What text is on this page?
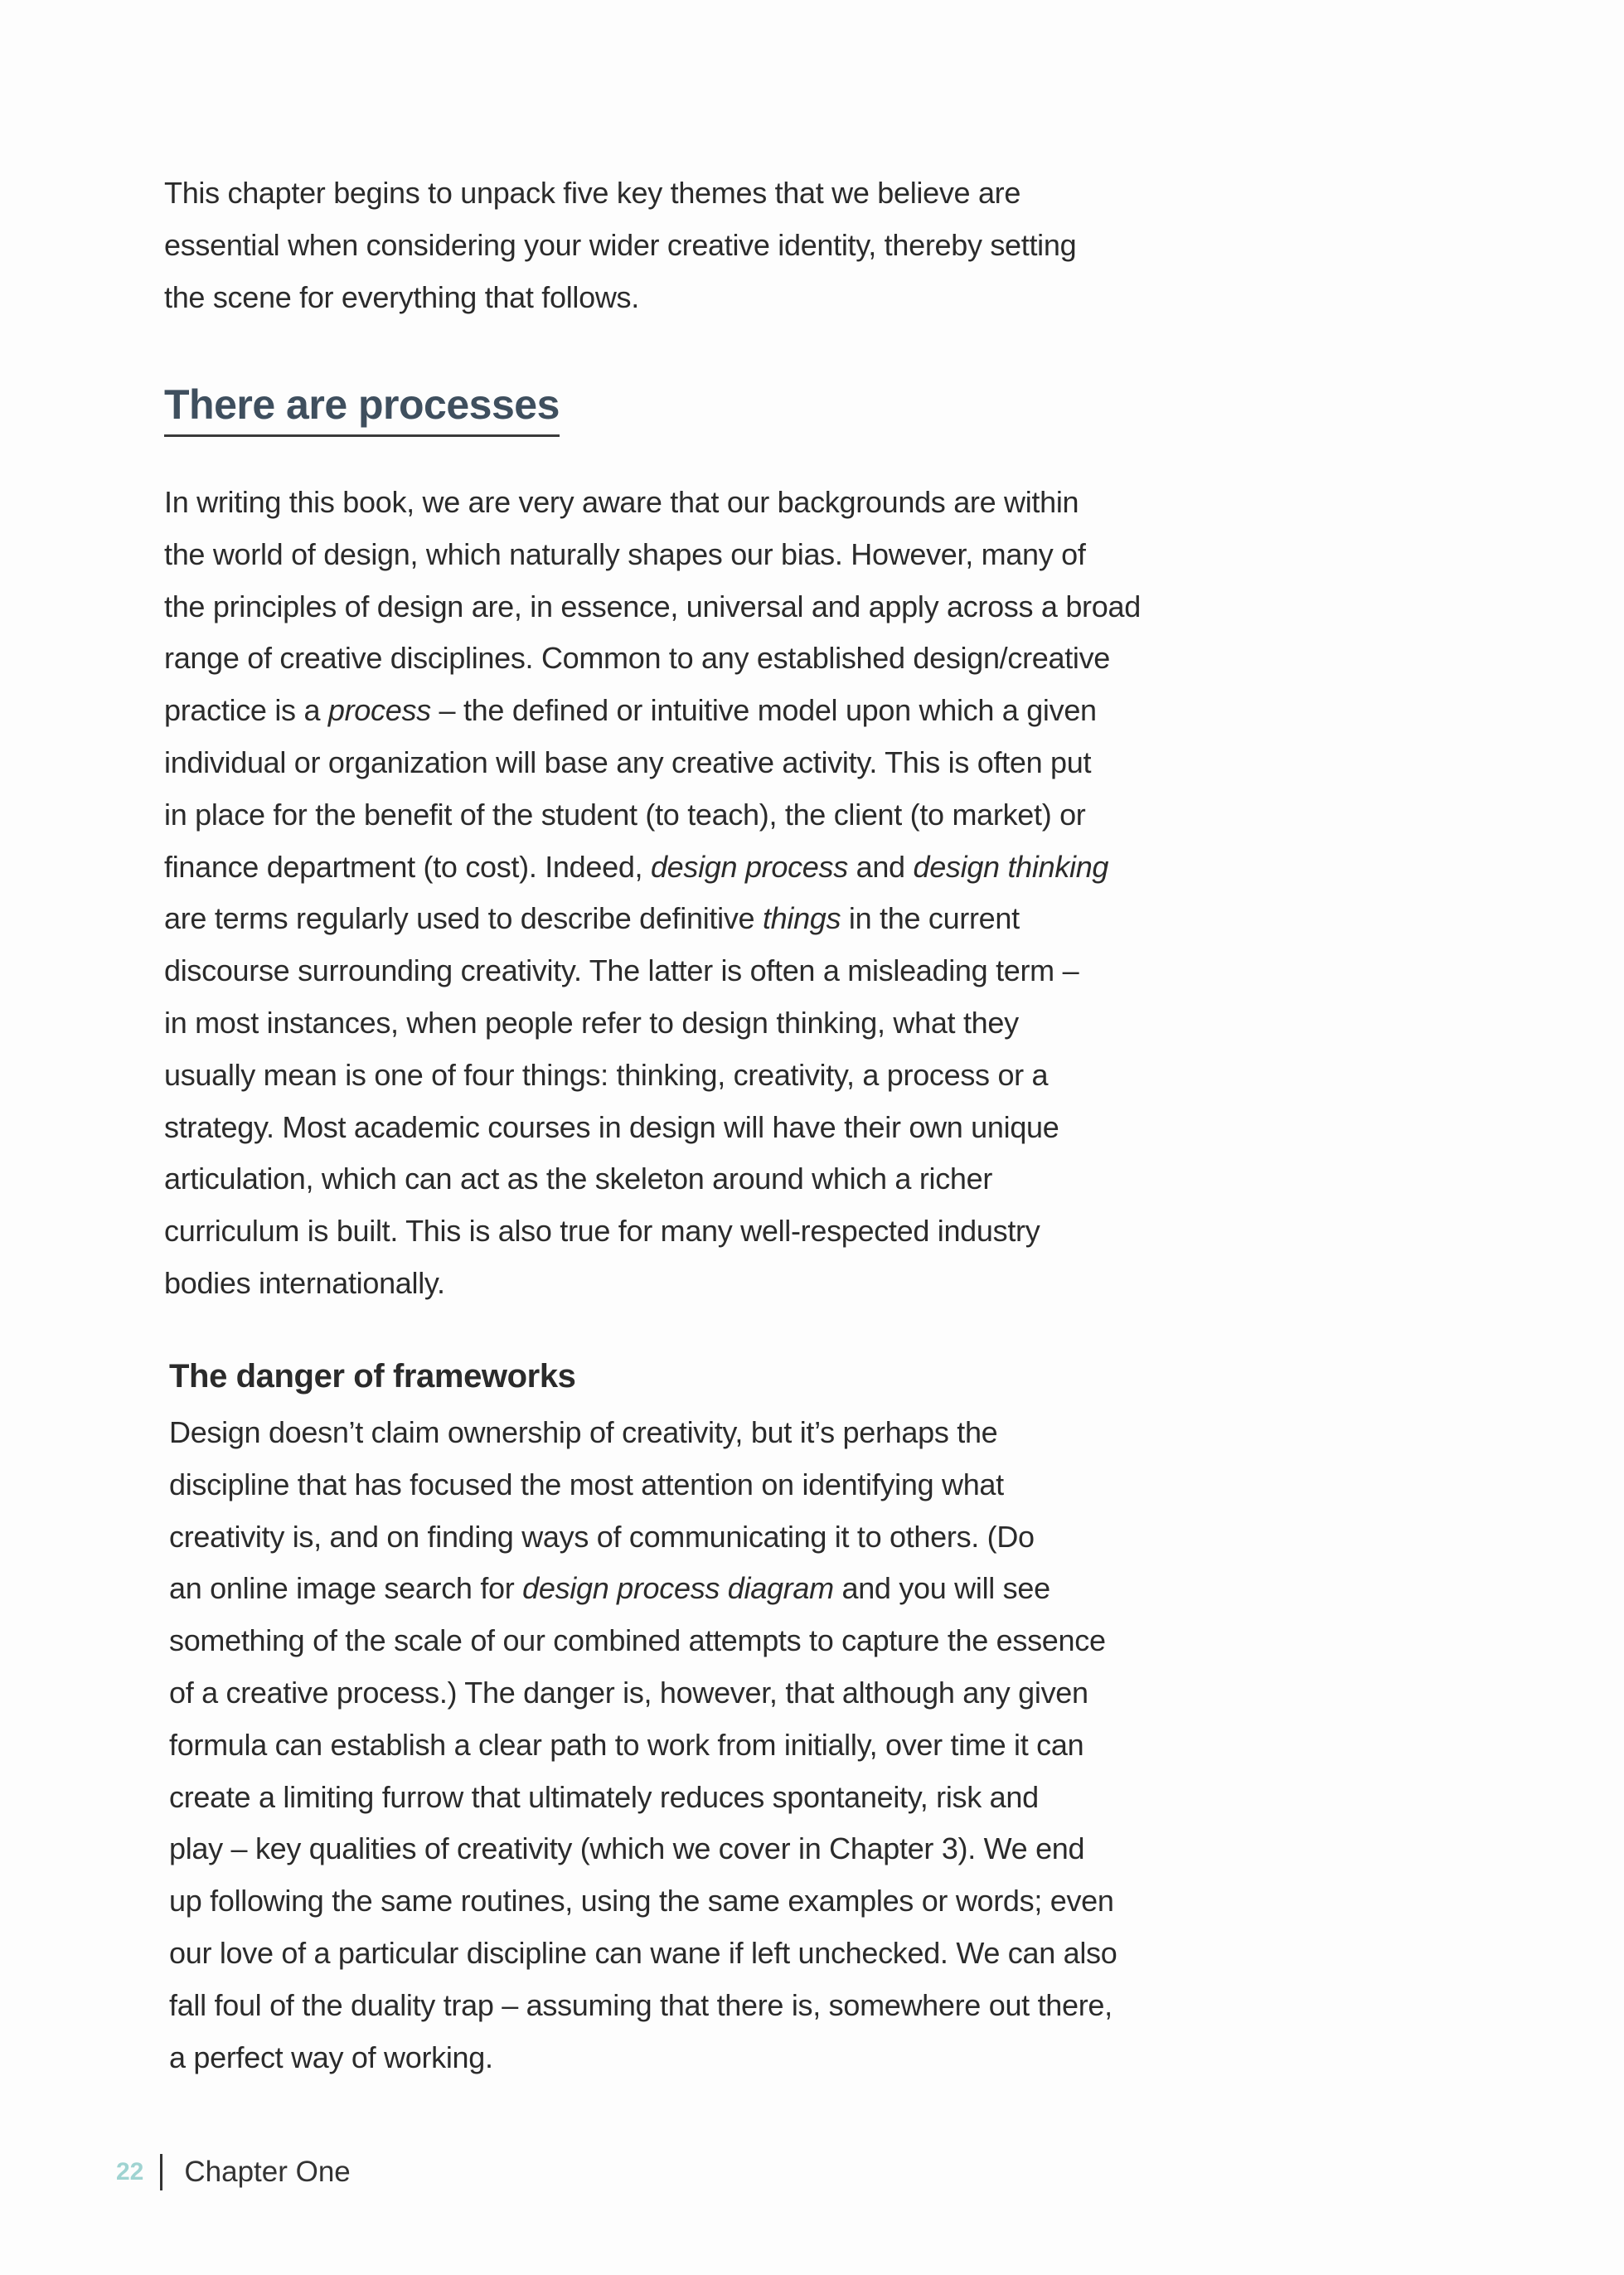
This chapter begins to unpack five key themes that we believe are

essential when considering your wider creative identity, thereby setting

the scene for everything that follows.

There are processes

In writing this book, we are very aware that our backgrounds are within

the world of design, which naturally shapes our bias. However, many of

the principles of design are, in essence, universal and apply across a broad

range of creative disciplines. Common to any established design/creative

practice is a process – the defined or intuitive model upon which a given

individual or organization will base any creative activity. This is often put

in place for the benefit of the student (to teach), the client (to market) or

finance department (to cost). Indeed, design process and design thinking

are terms regularly used to describe definitive things in the current

discourse surrounding creativity. The latter is often a misleading term –

in most instances, when people refer to design thinking, what they

usually mean is one of four things: thinking, creativity, a process or a

strategy. Most academic courses in design will have their own unique

articulation, which can act as the skeleton around which a richer

curriculum is built. This is also true for many well-respected industry

bodies internationally.

The danger of frameworks

Design doesn’t claim ownership of creativity, but it’s perhaps the

discipline that has focused the most attention on identifying what

creativity is, and on finding ways of communicating it to others. (Do

an online image search for design process diagram and you will see

something of the scale of our combined attempts to capture the essence

of a creative process.) The danger is, however, that although any given

formula can establish a clear path to work from initially, over time it can

create a limiting furrow that ultimately reduces spontaneity, risk and

play – key qualities of creativity (which we cover in Chapter 3). We end

up following the same routines, using the same examples or words; even

our love of a particular discipline can wane if left unchecked. We can also

fall foul of the duality trap – assuming that there is, somewhere out there,

a perfect way of working.

22 Chapter One
